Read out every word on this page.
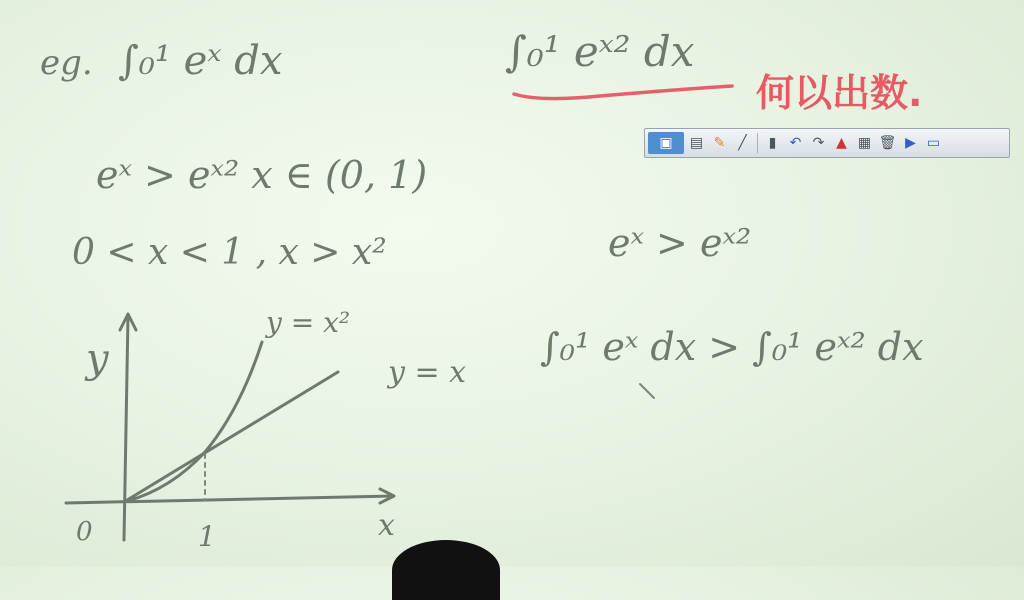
eg. ∫₀¹ eˣ dx	∫₀¹ eˣ² dx
何以出数.
eˣ > eˣ² x ∈ (0, 1)
0 < x < 1 , x > x²	eˣ > eˣ²
y
x
0	1
y = x²
y = x
∫₀¹ eˣ dx > ∫₀¹ eˣ² dx
▣	▤ ✎ ╱	▮ ↶ ↷ ▲ ▦ 🗑 ▶ ▭
